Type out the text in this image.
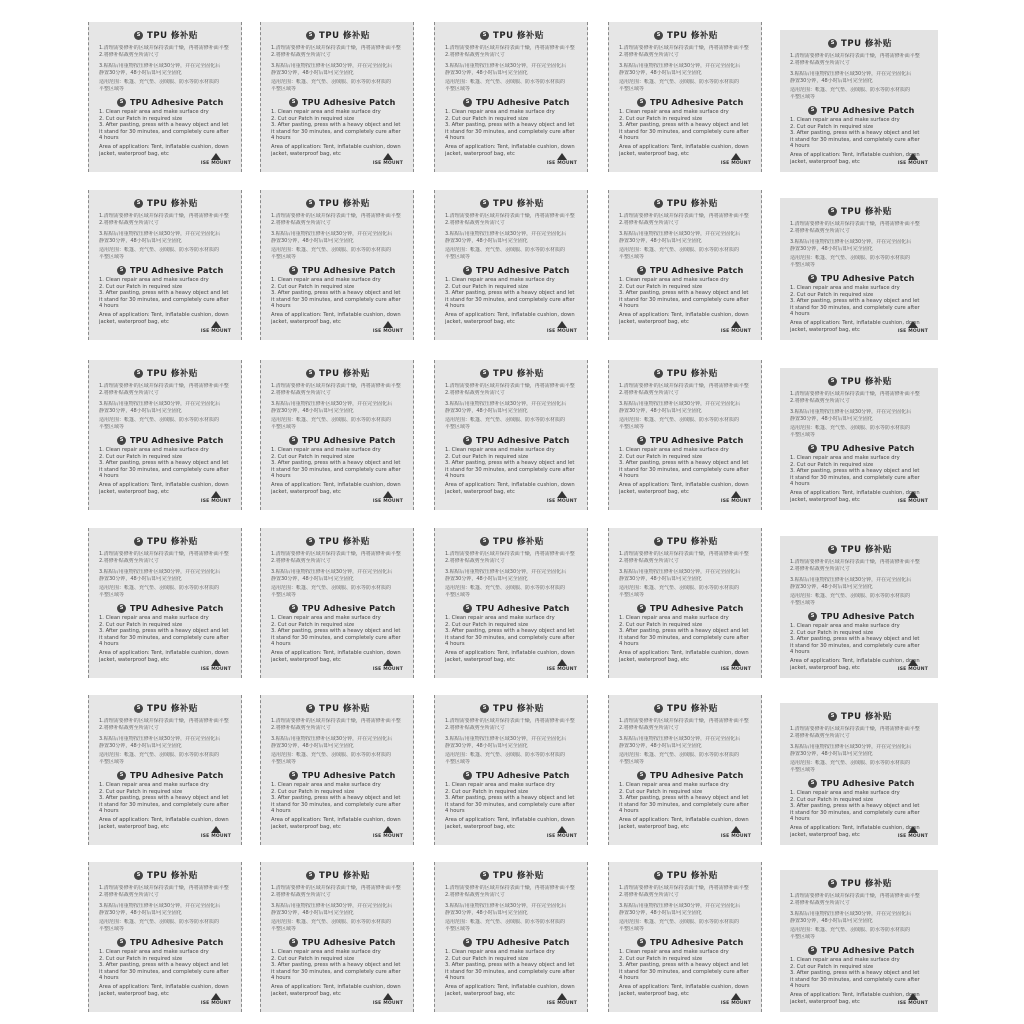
S TPU 修补贴
1.清理需要修补的区域并保持表面干燥，再将需修补面平整
2.将修补贴裁剪至所需尺寸
3.粘贴后用重物按压修补区域30分钟，并在完全固化后
静置30分钟，48小时后即可完全固化
适用范围：帐篷、充气垫、羽绒服、防水等防水材质的
平整区域等
S TPU Adhesive Patch
1. Clean repair area and make surface dry
2. Cut our Patch in required size
3. After pasting, press with a heavy object and let
it stand for 30 minutes, and completely cure after
4 hours
Area of application: Tent, inflatable cushion, down
jacket, waterproof bag, etc
ISE MOUNT
S TPU 修补贴
1.清理需要修补的区域并保持表面干燥，再将需修补面平整
2.将修补贴裁剪至所需尺寸
3.粘贴后用重物按压修补区域30分钟，并在完全固化后
静置30分钟，48小时后即可完全固化
适用范围：帐篷、充气垫、羽绒服、防水等防水材质的
平整区域等
S TPU Adhesive Patch
1. Clean repair area and make surface dry
2. Cut our Patch in required size
3. After pasting, press with a heavy object and let
it stand for 30 minutes, and completely cure after
4 hours
Area of application: Tent, inflatable cushion, down
jacket, waterproof bag, etc
ISE MOUNT
S TPU 修补贴
1.清理需要修补的区域并保持表面干燥，再将需修补面平整
2.将修补贴裁剪至所需尺寸
3.粘贴后用重物按压修补区域30分钟，并在完全固化后
静置30分钟，48小时后即可完全固化
适用范围：帐篷、充气垫、羽绒服、防水等防水材质的
平整区域等
S TPU Adhesive Patch
1. Clean repair area and make surface dry
2. Cut our Patch in required size
3. After pasting, press with a heavy object and let
it stand for 30 minutes, and completely cure after
4 hours
Area of application: Tent, inflatable cushion, down
jacket, waterproof bag, etc
ISE MOUNT
S TPU 修补贴
1.清理需要修补的区域并保持表面干燥，再将需修补面平整
2.将修补贴裁剪至所需尺寸
3.粘贴后用重物按压修补区域30分钟，并在完全固化后
静置30分钟，48小时后即可完全固化
适用范围：帐篷、充气垫、羽绒服、防水等防水材质的
平整区域等
S TPU Adhesive Patch
1. Clean repair area and make surface dry
2. Cut our Patch in required size
3. After pasting, press with a heavy object and let
it stand for 30 minutes, and completely cure after
4 hours
Area of application: Tent, inflatable cushion, down
jacket, waterproof bag, etc
ISE MOUNT
S TPU 修补贴
1.清理需要修补的区域并保持表面干燥，再将需修补面平整
2.将修补贴裁剪至所需尺寸
3.粘贴后用重物按压修补区域30分钟，并在完全固化后
静置30分钟，48小时后即可完全固化
适用范围：帐篷、充气垫、羽绒服、防水等防水材质的
平整区域等
S TPU Adhesive Patch
1. Clean repair area and make surface dry
2. Cut our Patch in required size
3. After pasting, press with a heavy object and let
it stand for 30 minutes, and completely cure after
4 hours
Area of application: Tent, inflatable cushion, down
jacket, waterproof bag, etc	ISE MOUNT
S TPU 修补贴
1.清理需要修补的区域并保持表面干燥，再将需修补面平整
2.将修补贴裁剪至所需尺寸
3.粘贴后用重物按压修补区域30分钟，并在完全固化后
静置30分钟，48小时后即可完全固化
适用范围：帐篷、充气垫、羽绒服、防水等防水材质的
平整区域等
S TPU Adhesive Patch
1. Clean repair area and make surface dry
2. Cut our Patch in required size
3. After pasting, press with a heavy object and let
it stand for 30 minutes, and completely cure after
4 hours
Area of application: Tent, inflatable cushion, down
jacket, waterproof bag, etc
ISE MOUNT
S TPU 修补贴
1.清理需要修补的区域并保持表面干燥，再将需修补面平整
2.将修补贴裁剪至所需尺寸
3.粘贴后用重物按压修补区域30分钟，并在完全固化后
静置30分钟，48小时后即可完全固化
适用范围：帐篷、充气垫、羽绒服、防水等防水材质的
平整区域等
S TPU Adhesive Patch
1. Clean repair area and make surface dry
2. Cut our Patch in required size
3. After pasting, press with a heavy object and let
it stand for 30 minutes, and completely cure after
4 hours
Area of application: Tent, inflatable cushion, down
jacket, waterproof bag, etc
ISE MOUNT
S TPU 修补贴
1.清理需要修补的区域并保持表面干燥，再将需修补面平整
2.将修补贴裁剪至所需尺寸
3.粘贴后用重物按压修补区域30分钟，并在完全固化后
静置30分钟，48小时后即可完全固化
适用范围：帐篷、充气垫、羽绒服、防水等防水材质的
平整区域等
S TPU Adhesive Patch
1. Clean repair area and make surface dry
2. Cut our Patch in required size
3. After pasting, press with a heavy object and let
it stand for 30 minutes, and completely cure after
4 hours
Area of application: Tent, inflatable cushion, down
jacket, waterproof bag, etc
ISE MOUNT
S TPU 修补贴
1.清理需要修补的区域并保持表面干燥，再将需修补面平整
2.将修补贴裁剪至所需尺寸
3.粘贴后用重物按压修补区域30分钟，并在完全固化后
静置30分钟，48小时后即可完全固化
适用范围：帐篷、充气垫、羽绒服、防水等防水材质的
平整区域等
S TPU Adhesive Patch
1. Clean repair area and make surface dry
2. Cut our Patch in required size
3. After pasting, press with a heavy object and let
it stand for 30 minutes, and completely cure after
4 hours
Area of application: Tent, inflatable cushion, down
jacket, waterproof bag, etc
ISE MOUNT
S TPU 修补贴
1.清理需要修补的区域并保持表面干燥，再将需修补面平整
2.将修补贴裁剪至所需尺寸
3.粘贴后用重物按压修补区域30分钟，并在完全固化后
静置30分钟，48小时后即可完全固化
适用范围：帐篷、充气垫、羽绒服、防水等防水材质的
平整区域等
S TPU Adhesive Patch
1. Clean repair area and make surface dry
2. Cut our Patch in required size
3. After pasting, press with a heavy object and let
it stand for 30 minutes, and completely cure after
4 hours
Area of application: Tent, inflatable cushion, down
jacket, waterproof bag, etc	ISE MOUNT
S TPU 修补贴
1.清理需要修补的区域并保持表面干燥，再将需修补面平整
2.将修补贴裁剪至所需尺寸
3.粘贴后用重物按压修补区域30分钟，并在完全固化后
静置30分钟，48小时后即可完全固化
适用范围：帐篷、充气垫、羽绒服、防水等防水材质的
平整区域等
S TPU Adhesive Patch
1. Clean repair area and make surface dry
2. Cut our Patch in required size
3. After pasting, press with a heavy object and let
it stand for 30 minutes, and completely cure after
4 hours
Area of application: Tent, inflatable cushion, down
jacket, waterproof bag, etc
ISE MOUNT
S TPU 修补贴
1.清理需要修补的区域并保持表面干燥，再将需修补面平整
2.将修补贴裁剪至所需尺寸
3.粘贴后用重物按压修补区域30分钟，并在完全固化后
静置30分钟，48小时后即可完全固化
适用范围：帐篷、充气垫、羽绒服、防水等防水材质的
平整区域等
S TPU Adhesive Patch
1. Clean repair area and make surface dry
2. Cut our Patch in required size
3. After pasting, press with a heavy object and let
it stand for 30 minutes, and completely cure after
4 hours
Area of application: Tent, inflatable cushion, down
jacket, waterproof bag, etc
ISE MOUNT
S TPU 修补贴
1.清理需要修补的区域并保持表面干燥，再将需修补面平整
2.将修补贴裁剪至所需尺寸
3.粘贴后用重物按压修补区域30分钟，并在完全固化后
静置30分钟，48小时后即可完全固化
适用范围：帐篷、充气垫、羽绒服、防水等防水材质的
平整区域等
S TPU Adhesive Patch
1. Clean repair area and make surface dry
2. Cut our Patch in required size
3. After pasting, press with a heavy object and let
it stand for 30 minutes, and completely cure after
4 hours
Area of application: Tent, inflatable cushion, down
jacket, waterproof bag, etc
ISE MOUNT
S TPU 修补贴
1.清理需要修补的区域并保持表面干燥，再将需修补面平整
2.将修补贴裁剪至所需尺寸
3.粘贴后用重物按压修补区域30分钟，并在完全固化后
静置30分钟，48小时后即可完全固化
适用范围：帐篷、充气垫、羽绒服、防水等防水材质的
平整区域等
S TPU Adhesive Patch
1. Clean repair area and make surface dry
2. Cut our Patch in required size
3. After pasting, press with a heavy object and let
it stand for 30 minutes, and completely cure after
4 hours
Area of application: Tent, inflatable cushion, down
jacket, waterproof bag, etc
ISE MOUNT
S TPU 修补贴
1.清理需要修补的区域并保持表面干燥，再将需修补面平整
2.将修补贴裁剪至所需尺寸
3.粘贴后用重物按压修补区域30分钟，并在完全固化后
静置30分钟，48小时后即可完全固化
适用范围：帐篷、充气垫、羽绒服、防水等防水材质的
平整区域等
S TPU Adhesive Patch
1. Clean repair area and make surface dry
2. Cut our Patch in required size
3. After pasting, press with a heavy object and let
it stand for 30 minutes, and completely cure after
4 hours
Area of application: Tent, inflatable cushion, down
jacket, waterproof bag, etc	ISE MOUNT
S TPU 修补贴
1.清理需要修补的区域并保持表面干燥，再将需修补面平整
2.将修补贴裁剪至所需尺寸
3.粘贴后用重物按压修补区域30分钟，并在完全固化后
静置30分钟，48小时后即可完全固化
适用范围：帐篷、充气垫、羽绒服、防水等防水材质的
平整区域等
S TPU Adhesive Patch
1. Clean repair area and make surface dry
2. Cut our Patch in required size
3. After pasting, press with a heavy object and let
it stand for 30 minutes, and completely cure after
4 hours
Area of application: Tent, inflatable cushion, down
jacket, waterproof bag, etc
ISE MOUNT
S TPU 修补贴
1.清理需要修补的区域并保持表面干燥，再将需修补面平整
2.将修补贴裁剪至所需尺寸
3.粘贴后用重物按压修补区域30分钟，并在完全固化后
静置30分钟，48小时后即可完全固化
适用范围：帐篷、充气垫、羽绒服、防水等防水材质的
平整区域等
S TPU Adhesive Patch
1. Clean repair area and make surface dry
2. Cut our Patch in required size
3. After pasting, press with a heavy object and let
it stand for 30 minutes, and completely cure after
4 hours
Area of application: Tent, inflatable cushion, down
jacket, waterproof bag, etc
ISE MOUNT
S TPU 修补贴
1.清理需要修补的区域并保持表面干燥，再将需修补面平整
2.将修补贴裁剪至所需尺寸
3.粘贴后用重物按压修补区域30分钟，并在完全固化后
静置30分钟，48小时后即可完全固化
适用范围：帐篷、充气垫、羽绒服、防水等防水材质的
平整区域等
S TPU Adhesive Patch
1. Clean repair area and make surface dry
2. Cut our Patch in required size
3. After pasting, press with a heavy object and let
it stand for 30 minutes, and completely cure after
4 hours
Area of application: Tent, inflatable cushion, down
jacket, waterproof bag, etc
ISE MOUNT
S TPU 修补贴
1.清理需要修补的区域并保持表面干燥，再将需修补面平整
2.将修补贴裁剪至所需尺寸
3.粘贴后用重物按压修补区域30分钟，并在完全固化后
静置30分钟，48小时后即可完全固化
适用范围：帐篷、充气垫、羽绒服、防水等防水材质的
平整区域等
S TPU Adhesive Patch
1. Clean repair area and make surface dry
2. Cut our Patch in required size
3. After pasting, press with a heavy object and let
it stand for 30 minutes, and completely cure after
4 hours
Area of application: Tent, inflatable cushion, down
jacket, waterproof bag, etc
ISE MOUNT
S TPU 修补贴
1.清理需要修补的区域并保持表面干燥，再将需修补面平整
2.将修补贴裁剪至所需尺寸
3.粘贴后用重物按压修补区域30分钟，并在完全固化后
静置30分钟，48小时后即可完全固化
适用范围：帐篷、充气垫、羽绒服、防水等防水材质的
平整区域等
S TPU Adhesive Patch
1. Clean repair area and make surface dry
2. Cut our Patch in required size
3. After pasting, press with a heavy object and let
it stand for 30 minutes, and completely cure after
4 hours
Area of application: Tent, inflatable cushion, down
jacket, waterproof bag, etc	ISE MOUNT
S TPU 修补贴
1.清理需要修补的区域并保持表面干燥，再将需修补面平整
2.将修补贴裁剪至所需尺寸
3.粘贴后用重物按压修补区域30分钟，并在完全固化后
静置30分钟，48小时后即可完全固化
适用范围：帐篷、充气垫、羽绒服、防水等防水材质的
平整区域等
S TPU Adhesive Patch
1. Clean repair area and make surface dry
2. Cut our Patch in required size
3. After pasting, press with a heavy object and let
it stand for 30 minutes, and completely cure after
4 hours
Area of application: Tent, inflatable cushion, down
jacket, waterproof bag, etc
ISE MOUNT
S TPU 修补贴
1.清理需要修补的区域并保持表面干燥，再将需修补面平整
2.将修补贴裁剪至所需尺寸
3.粘贴后用重物按压修补区域30分钟，并在完全固化后
静置30分钟，48小时后即可完全固化
适用范围：帐篷、充气垫、羽绒服、防水等防水材质的
平整区域等
S TPU Adhesive Patch
1. Clean repair area and make surface dry
2. Cut our Patch in required size
3. After pasting, press with a heavy object and let
it stand for 30 minutes, and completely cure after
4 hours
Area of application: Tent, inflatable cushion, down
jacket, waterproof bag, etc
ISE MOUNT
S TPU 修补贴
1.清理需要修补的区域并保持表面干燥，再将需修补面平整
2.将修补贴裁剪至所需尺寸
3.粘贴后用重物按压修补区域30分钟，并在完全固化后
静置30分钟，48小时后即可完全固化
适用范围：帐篷、充气垫、羽绒服、防水等防水材质的
平整区域等
S TPU Adhesive Patch
1. Clean repair area and make surface dry
2. Cut our Patch in required size
3. After pasting, press with a heavy object and let
it stand for 30 minutes, and completely cure after
4 hours
Area of application: Tent, inflatable cushion, down
jacket, waterproof bag, etc
ISE MOUNT
S TPU 修补贴
1.清理需要修补的区域并保持表面干燥，再将需修补面平整
2.将修补贴裁剪至所需尺寸
3.粘贴后用重物按压修补区域30分钟，并在完全固化后
静置30分钟，48小时后即可完全固化
适用范围：帐篷、充气垫、羽绒服、防水等防水材质的
平整区域等
S TPU Adhesive Patch
1. Clean repair area and make surface dry
2. Cut our Patch in required size
3. After pasting, press with a heavy object and let
it stand for 30 minutes, and completely cure after
4 hours
Area of application: Tent, inflatable cushion, down
jacket, waterproof bag, etc
ISE MOUNT
S TPU 修补贴
1.清理需要修补的区域并保持表面干燥，再将需修补面平整
2.将修补贴裁剪至所需尺寸
3.粘贴后用重物按压修补区域30分钟，并在完全固化后
静置30分钟，48小时后即可完全固化
适用范围：帐篷、充气垫、羽绒服、防水等防水材质的
平整区域等
S TPU Adhesive Patch
1. Clean repair area and make surface dry
2. Cut our Patch in required size
3. After pasting, press with a heavy object and let
it stand for 30 minutes, and completely cure after
4 hours
Area of application: Tent, inflatable cushion, down
jacket, waterproof bag, etc	ISE MOUNT
S TPU 修补贴
1.清理需要修补的区域并保持表面干燥，再将需修补面平整
2.将修补贴裁剪至所需尺寸
3.粘贴后用重物按压修补区域30分钟，并在完全固化后
静置30分钟，48小时后即可完全固化
适用范围：帐篷、充气垫、羽绒服、防水等防水材质的
平整区域等
S TPU Adhesive Patch
1. Clean repair area and make surface dry
2. Cut our Patch in required size
3. After pasting, press with a heavy object and let
it stand for 30 minutes, and completely cure after
4 hours
Area of application: Tent, inflatable cushion, down
jacket, waterproof bag, etc
ISE MOUNT
S TPU 修补贴
1.清理需要修补的区域并保持表面干燥，再将需修补面平整
2.将修补贴裁剪至所需尺寸
3.粘贴后用重物按压修补区域30分钟，并在完全固化后
静置30分钟，48小时后即可完全固化
适用范围：帐篷、充气垫、羽绒服、防水等防水材质的
平整区域等
S TPU Adhesive Patch
1. Clean repair area and make surface dry
2. Cut our Patch in required size
3. After pasting, press with a heavy object and let
it stand for 30 minutes, and completely cure after
4 hours
Area of application: Tent, inflatable cushion, down
jacket, waterproof bag, etc
ISE MOUNT
S TPU 修补贴
1.清理需要修补的区域并保持表面干燥，再将需修补面平整
2.将修补贴裁剪至所需尺寸
3.粘贴后用重物按压修补区域30分钟，并在完全固化后
静置30分钟，48小时后即可完全固化
适用范围：帐篷、充气垫、羽绒服、防水等防水材质的
平整区域等
S TPU Adhesive Patch
1. Clean repair area and make surface dry
2. Cut our Patch in required size
3. After pasting, press with a heavy object and let
it stand for 30 minutes, and completely cure after
4 hours
Area of application: Tent, inflatable cushion, down
jacket, waterproof bag, etc
ISE MOUNT
S TPU 修补贴
1.清理需要修补的区域并保持表面干燥，再将需修补面平整
2.将修补贴裁剪至所需尺寸
3.粘贴后用重物按压修补区域30分钟，并在完全固化后
静置30分钟，48小时后即可完全固化
适用范围：帐篷、充气垫、羽绒服、防水等防水材质的
平整区域等
S TPU Adhesive Patch
1. Clean repair area and make surface dry
2. Cut our Patch in required size
3. After pasting, press with a heavy object and let
it stand for 30 minutes, and completely cure after
4 hours
Area of application: Tent, inflatable cushion, down
jacket, waterproof bag, etc
ISE MOUNT
S TPU 修补贴
1.清理需要修补的区域并保持表面干燥，再将需修补面平整
2.将修补贴裁剪至所需尺寸
3.粘贴后用重物按压修补区域30分钟，并在完全固化后
静置30分钟，48小时后即可完全固化
适用范围：帐篷、充气垫、羽绒服、防水等防水材质的
平整区域等
S TPU Adhesive Patch
1. Clean repair area and make surface dry
2. Cut our Patch in required size
3. After pasting, press with a heavy object and let
it stand for 30 minutes, and completely cure after
4 hours
Area of application: Tent, inflatable cushion, down
jacket, waterproof bag, etc	ISE MOUNT
